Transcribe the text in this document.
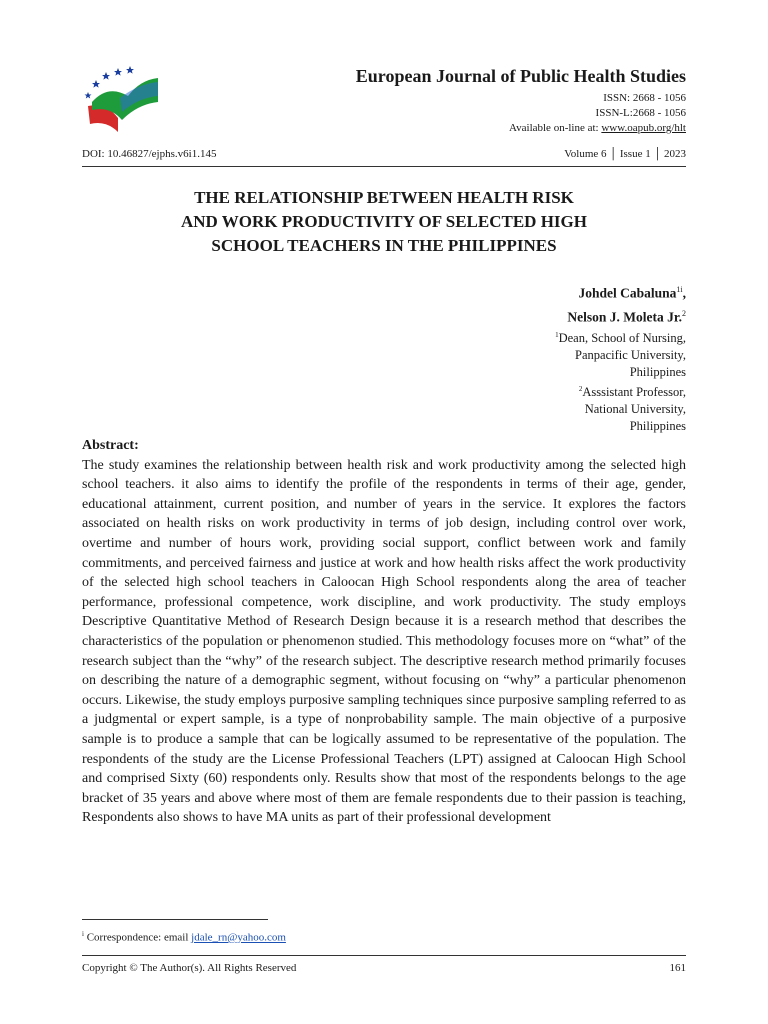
European Journal of Public Health Studies
ISSN: 2668 - 1056
ISSN-L:2668 - 1056
Available on-line at: www.oapub.org/hlt
DOI: 10.46827/ejphs.v6i1.145	Volume 6 │ Issue 1 │ 2023
THE RELATIONSHIP BETWEEN HEALTH RISK
AND WORK PRODUCTIVITY OF SELECTED HIGH
SCHOOL TEACHERS IN THE PHILIPPINES
Johdel Cabaluna$^{1i}$,
Nelson J. Moleta Jr.$^2$
$^1$Dean, School of Nursing,
Panpacific University,
Philippines
$^2$Asssistant Professor,
National University,
Philippines
Abstract:
The study examines the relationship between health risk and work productivity among the selected high school teachers. it also aims to identify the profile of the respondents in terms of their age, gender, educational attainment, current position, and number of years in the service. It explores the factors associated on health risks on work productivity in terms of job design, including control over work, overtime and number of hours work, providing social support, conflict between work and family commitments, and perceived fairness and justice at work and how health risks affect the work productivity of the selected high school teachers in Caloocan High School respondents along the area of teacher performance, professional competence, work discipline, and work productivity. The study employs Descriptive Quantitative Method of Research Design because it is a research method that describes the characteristics of the population or phenomenon studied. This methodology focuses more on “what” of the research subject than the “why” of the research subject. The descriptive research method primarily focuses on describing the nature of a demographic segment, without focusing on “why” a particular phenomenon occurs. Likewise, the study employs purposive sampling techniques since purposive sampling referred to as a judgmental or expert sample, is a type of nonprobability sample. The main objective of a purposive sample is to produce a sample that can be logically assumed to be representative of the population. The respondents of the study are the License Professional Teachers (LPT) assigned at Caloocan High School and comprised Sixty (60) respondents only. Results show that most of the respondents belongs to the age bracket of 35 years and above where most of them are female respondents due to their passion is teaching, Respondents also shows to have MA units as part of their professional development
$^i$ Correspondence: email jdale_rn@yahoo.com
Copyright © The Author(s). All Rights Reserved	161
